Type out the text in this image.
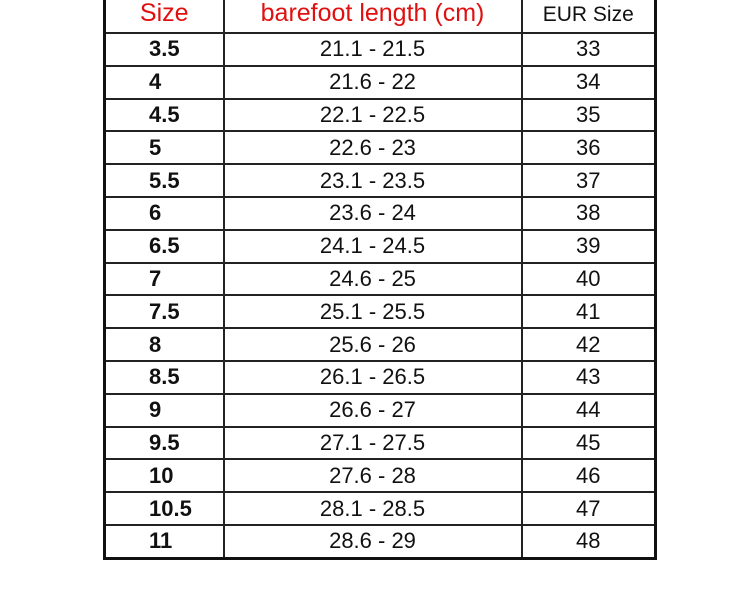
Size	barefoot length (cm)	EUR Size
3.5	21.1 - 21.5	33
4	21.6 - 22	34
4.5	22.1 - 22.5	35
5	22.6 - 23	36
5.5	23.1 - 23.5	37
6	23.6 - 24	38
6.5	24.1 - 24.5	39
7	24.6 - 25	40
7.5	25.1 - 25.5	41
8	25.6 - 26	42
8.5	26.1 - 26.5	43
9	26.6 - 27	44
9.5	27.1 - 27.5	45
10	27.6 - 28	46
10.5	28.1 - 28.5	47
11	28.6 - 29	48
